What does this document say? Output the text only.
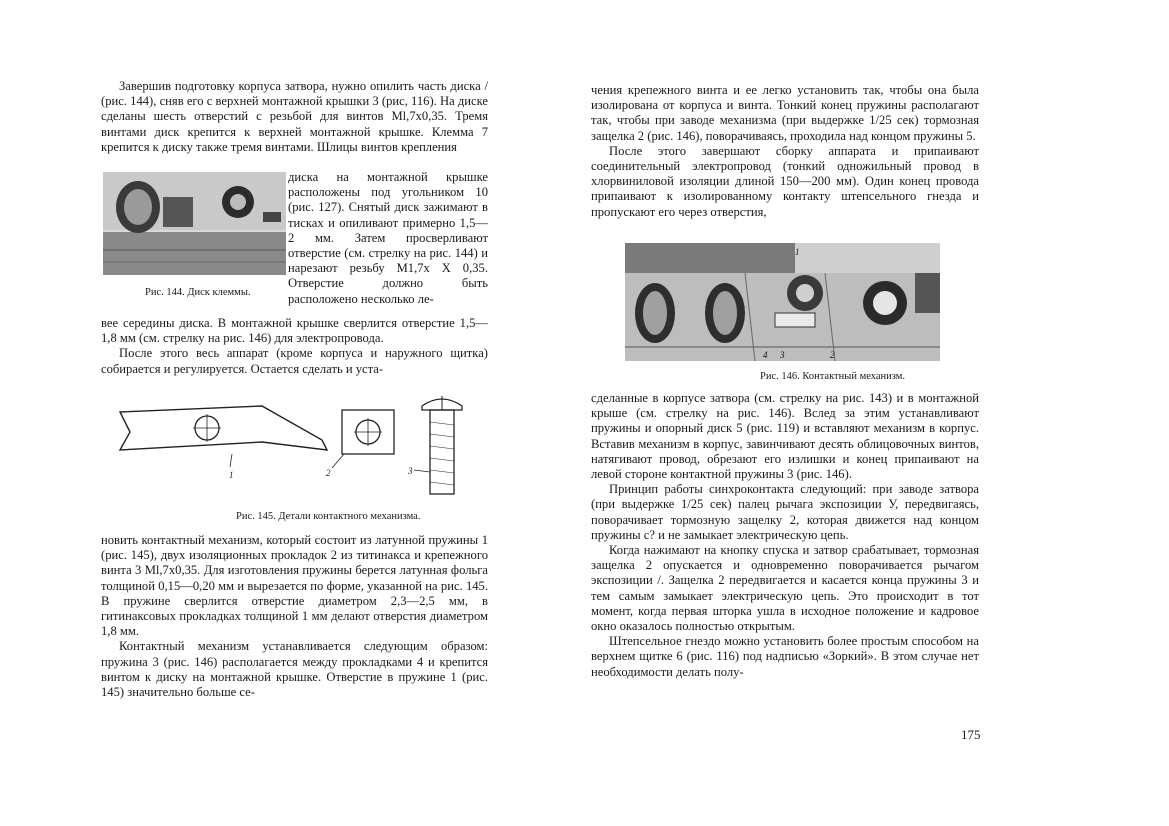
Завершив подготовку корпуса затвора, нужно опилить часть диска / (рис. 144), сняв его с верхней монтажной крышки 3 (рис, 116). На диске сделаны шесть отверстий с резьбой для винтов Ml,7x0,35. Тремя винтами диск крепится к верхней монтажной крышке. Клемма 7 крепится к диску также тремя винтами. Шлицы винтов крепления

диска на монтажной крышке расположены под угольником 10 (рис. 127). Снятый диск зажимают в тисках и опиливают примерно 1,5—2 мм. Затем просверливают отверстие (см. стрелку на рис. 144) и нарезают резьбу М1,7х Х 0,35. Отверстие должно быть расположено несколько ле-

Рис. 144. Диск клеммы.

вее середины диска. В монтажной крышке сверлится отверстие 1,5—1,8 мм (см. стрелку на рис. 146) для электропровода.

После этого весь аппарат (кроме корпуса и наружного щитка) собирается и регулируется. Остается сделать и уста-

1	2	3
Рис. 145. Детали контактного механизма.

новить контактный механизм, который состоит из латунной пружины 1 (рис. 145), двух изоляционных прокладок 2 из титинакса и крепежного винта 3 Ml,7x0,35. Для изготовления пружины берется латунная фольга толщиной 0,15—0,20 мм и вырезается по форме, указанной на рис. 145. В пружине сверлится отверстие диаметром 2,3—2,5 мм, в гитинаксовых прокладках толщиной 1 мм делают отверстия диаметром 1,8 мм.

Контактный механизм устанавливается следующим образом: пружина 3 (рис. 146) располагается между прокладками 4 и крепится винтом к диску на монтажной крышке. Отверстие в пружине 1 (рис. 145) значительно больше се-

чения крепежного винта и ее легко установить так, чтобы она была изолирована от корпуса и винта. Тонкий конец пружины располагают так, чтобы при заводе механизма (при выдержке 1/25 сек) тормозная защелка 2 (рис. 146), поворачиваясь, проходила над концом пружины 5.

После этого завершают сборку аппарата и припаивают соединительный электропровод (тонкий одножильный провод в хлорвиниловой изоляции длиной 150—200 мм). Один конец провода припаивают к изолированному контакту штепсельного гнезда и пропускают его через отверстия,

1
4 3	2
Рис. 146. Контактный механизм.

сделанные в корпусе затвора (см. стрелку на рис. 143) и в монтажной крыше (см. стрелку на рис. 146). Вслед за этим устанавливают пружины и опорный диск 5 (рис. 119) и вставляют механизм в корпус. Вставив механизм в корпус, завинчивают десять облицовочных винтов, натягивают провод, обрезают его излишки и конец припаивают на левой стороне контактной пружины 3 (рис. 146).

Принцип работы синхроконтакта следующий: при заводе затвора (при выдержке 1/25 сек) палец рычага экспозиции У, передвигаясь, поворачивает тормозную защелку 2, которая движется над концом пружины с? и не замыкает электрическую цепь.

Когда нажимают на кнопку спуска и затвор срабатывает, тормозная защелка 2 опускается и одновременно поворачивается рычагом экспозиции /. Защелка 2 передвигается и касается конца пружины 3 и тем самым замыкает электрическую цепь. Это происходит в тот момент, когда первая шторка ушла в исходное положение и кадровое окно оказалось полностью открытым.

Штепсельное гнездо можно установить более простым способом на верхнем щитке 6 (рис. 116) под надписью «Зоркий». В этом случае нет необходимости делать полу-

175
